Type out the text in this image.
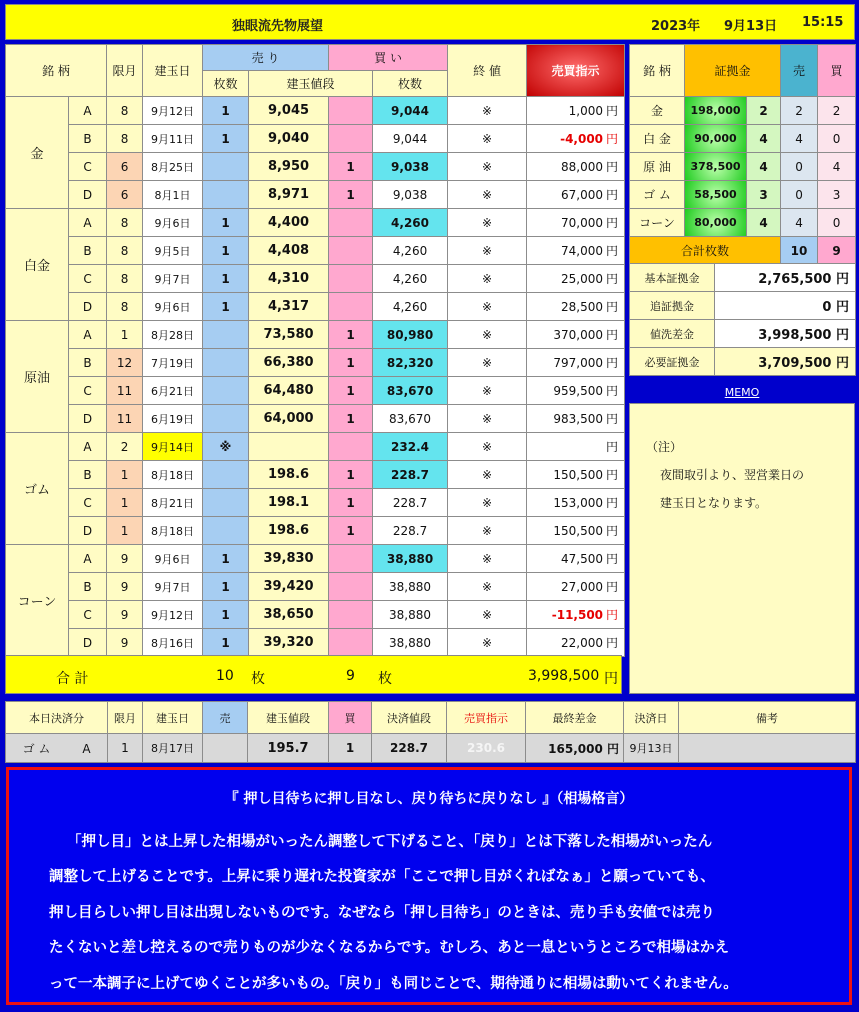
独眼流先物展望	2023年 9月13日 15:15
銘 柄		限月	建玉日	売 り		買 い		終 値	売買指示	
				枚数	建玉値段		枚数			
金	A	8	9月12日	1	9,045		9,044	※	1,000 円	
	B	8	9月11日	1	9,040		9,044	※	-4,000 円	
	C	6	8月25日		8,950	1	9,038	※	88,000 円	
	D	6	8月1日		8,971	1	9,038	※	67,000 円	
白金	A	8	9月6日	1	4,400		4,260	※	70,000 円	
	B	8	9月5日	1	4,408		4,260	※	74,000 円	
	C	8	9月7日	1	4,310		4,260	※	25,000 円	
	D	8	9月6日	1	4,317		4,260	※	28,500 円	
原油	A	1	8月28日		73,580	1	80,980	※	370,000 円	
	B	12	7月19日		66,380	1	82,320	※	797,000 円	
	C	11	6月21日		64,480	1	83,670	※	959,500 円	
	D	11	6月19日		64,000	1	83,670	※	983,500 円	
ゴム	A	2	9月14日	※			232.4	※	円	
	B	1	8月18日		198.6	1	228.7	※	150,500 円	
	C	1	8月21日		198.1	1	228.7	※	153,000 円	
	D	1	8月18日		198.6	1	228.7	※	150,500 円	
コーン	A	9	9月6日	1	39,830		38,880	※	47,500 円	
	B	9	9月7日	1	39,420		38,880	※	27,000 円	
	C	9	9月12日	1	38,650		38,880	※	-11,500 円	
	D	9	8月16日	1	39,320		38,880	※	22,000 円	
合 計	10 枚	9 枚	3,998,500 円
銘 柄	証拠金		売	買
金	198,000	2	2	2
白 金	90,000	4	4	0
原 油	378,500	4	0	4
ゴ ム	58,500	3	0	3
コーン	80,000	4	4	0
合計枚数			10	9
基本証拠金	2,765,500 円
追証拠金	0 円
値洗差金	3,998,500 円
必要証拠金	3,709,500 円
MEMO
（注）
夜間取引より、翌営業日の
建玉日となります。
本日決済分	限月	建玉日	売	建玉値段	買	決済値段	売買指示	最終差金	決済日	備考
ゴ ム A	1	8月17日		195.7	1	228.7	230.6	165,000 円	9月13日	
『 押し目待ちに押し目なし、戻り待ちに戻りなし 』（相場格言）
「押し目」とは上昇した相場がいったん調整して下げること、「戻り」とは下落した相場がいったん
調整して上げることです。上昇に乗り遅れた投資家が「ここで押し目がくればなぁ」と願っていても、
押し目らしい押し目は出現しないものです。なぜなら「押し目待ち」のときは、売り手も安値では売り
たくないと差し控えるので売りものが少なくなるからです。むしろ、あと一息というところで相場はかえ
って一本調子に上げてゆくことが多いもの。「戻り」も同じことで、期待通りに相場は動いてくれません。
